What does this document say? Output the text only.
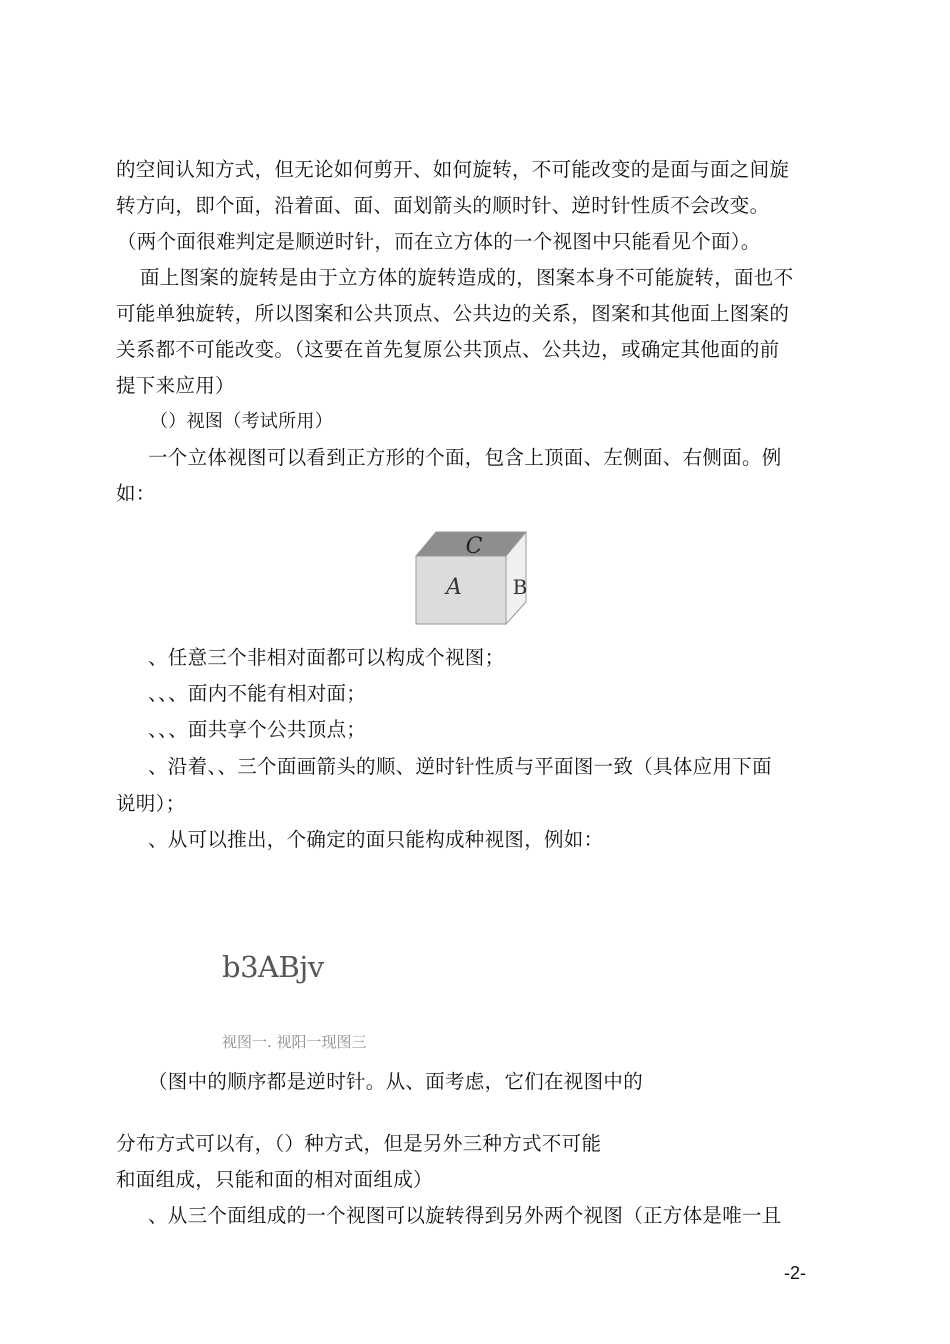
的空间认知方式，但无论如何剪开、如何旋转，不可能改变的是面与面之间旋
转方向，即个面，沿着面、面、面划箭头的顺时针、逆时针性质不会改变。
（两个面很难判定是顺逆时针，而在立方体的一个视图中只能看见个面）。
面上图案的旋转是由于立方体的旋转造成的，图案本身不可能旋转，面也不
可能单独旋转，所以图案和公共顶点、公共边的关系，图案和其他面上图案的
关系都不可能改变。（这要在首先复原公共顶点、公共边，或确定其他面的前
提下来应用）
（）视图（考试所用）
一个立体视图可以看到正方形的个面，包含上顶面、左侧面、右侧面。例
如：
C
A	B
、任意三个非相对面都可以构成个视图；
、、、面内不能有相对面；
、、、面共享个公共顶点；
、沿着、、三个面画箭头的顺、逆时针性质与平面图一致（具体应用下面
说明）；
、从可以推出，个确定的面只能构成种视图，例如：
b3ABjv
视图一. 视阳一现图三
（图中的顺序都是逆时针。从、面考虑，它们在视图中的
分布方式可以有，（）种方式，但是另外三种方式不可能
和面组成，只能和面的相对面组成）
、从三个面组成的一个视图可以旋转得到另外两个视图（正方体是唯一且
-2-
